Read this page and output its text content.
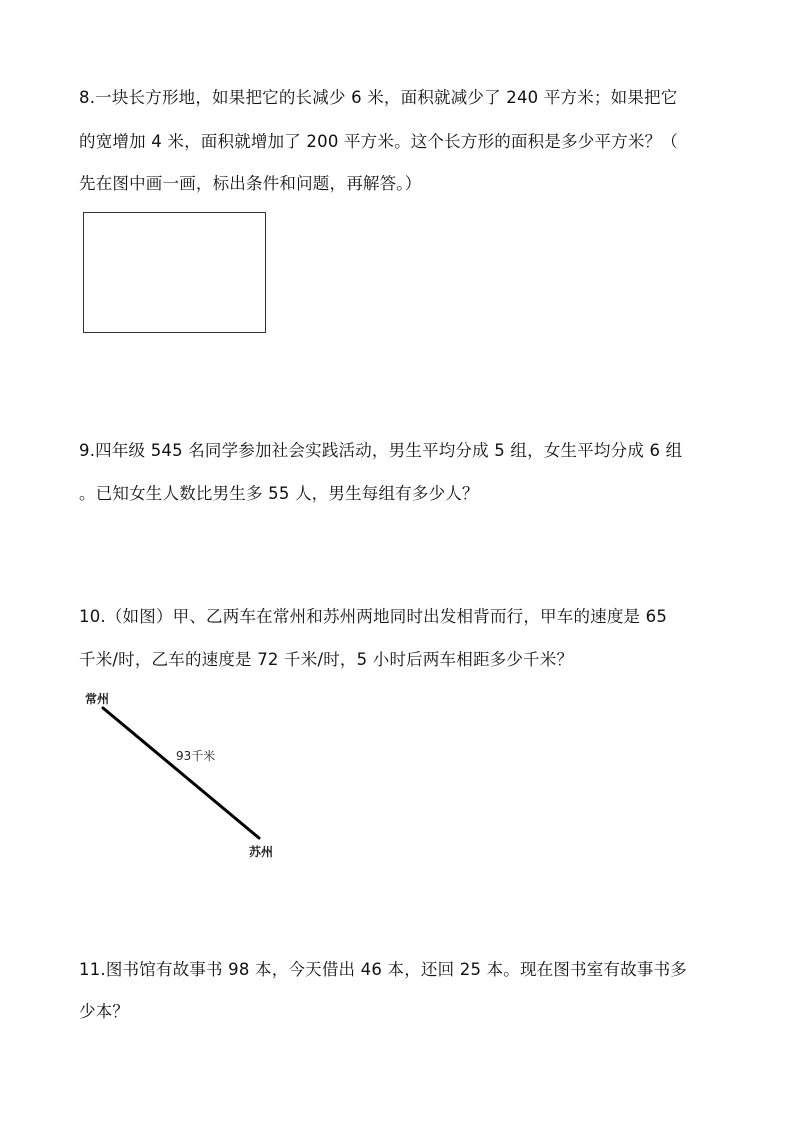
8.一块长方形地，如果把它的长减少 6 米，面积就减少了 240 平方米；如果把它
的宽增加 4 米，面积就增加了 200 平方米。这个长方形的面积是多少平方米？（
先在图中画一画，标出条件和问题，再解答。）
9.四年级 545 名同学参加社会实践活动，男生平均分成 5 组，女生平均分成 6 组
。已知女生人数比男生多 55 人，男生每组有多少人？
10.（如图）甲、乙两车在常州和苏州两地同时出发相背而行，甲车的速度是 65
千米/时，乙车的速度是 72 千米/时，5 小时后两车相距多少千米？
常州
93千米
苏州
11.图书馆有故事书 98 本，今天借出 46 本，还回 25 本。现在图书室有故事书多
少本？
